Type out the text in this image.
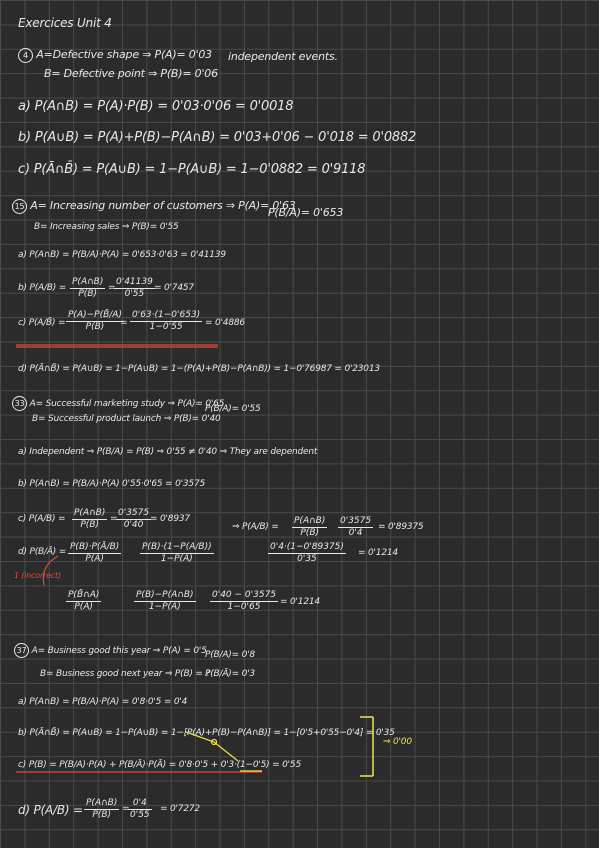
Exercices Unit 4
4 A=Defective shape ⇒ P(A)= 0'03 independent events.
B= Defective point ⇒ P(B)= 0'06
a) P(A∩B) = P(A)·P(B) = 0'03·0'06 = 0'0018
b) P(A∪B) = P(A)+P(B)−P(A∩B) = 0'03+0'06 − 0'018 = 0'0882
c) P(Ā∩B̄) = P(A∪B) = 1−P(A∪B) = 1−0'0882 = 0'9118
15 A= Increasing number of customers ⇒ P(A)= 0'63
P(B/A)= 0'653
B= Increasing sales ⇒ P(B)= 0'55
a) P(A∩B) = P(B/A)·P(A) = 0'653·0'63 = 0'41139
b) $P(A/B) = \frac{P(A\cap B)}{P(B)}$ =
$\frac{0'41139}{0'55} = 0'7457$
c) P(A/B̄) = $\frac{P(A)-P(B̄/A)}{P(B̄)}$
= $\frac{0'63\cdot(1-0'653)}{1-0'55} = 0'4886$
d) P(Ā∩B̄) = P(A∪B) = 1−P(A∪B) = 1−(P(A)+P(B)−P(A∩B)) = 1−0'76987 = 0'23013
33 A= Successful marketing study ⇒ P(A)= 0'65
P(B/A)= 0'55
B= Successful product launch ⇒ P(B)= 0'40
a) Independent ⇒ P(B/A) = P(B) ⇒ 0'55 ≠ 0'40 ⇒ They are dependent
b) P(A∩B) = P(B/A)·P(A) 0'55·0'65 = 0'3575
c) $P(A/B) = \frac{P(A\cap B)}{P(B)}$ =
$\frac{0'3575}{0'40}$
= 0'8937
⇒ $P(A/B) = \frac{P(A\cap B)}{P(B)} \frac{0'3575}{0'4} = 0'89375$
d) P(B/Ā) = $\frac{P(B)\cdot P(Ā/B)}{P(Ā)} \frac{P(B)\cdot(1-P(A/B))}{1-P(A)}$	$\frac{0'4\cdot(1-0'89375)}{0'35} = 0'1214$
1 (incorrect)
$\frac{P(B̄\cap A)}{P(Ā)}$	$\frac{P(B)-P(A\cap B)}{1-P(A)} \frac{0'40 - 0'3575}{1-0'65} = 0'1214$
37 A= Business good this year ⇒ P(A) = 0'5
P(B/A)= 0'8
B= Business good next year ⇒ P(B) = ?
P(B/Ā)= 0'3
a) P(A∩B) = P(B/A)·P(A) = 0'8·0'5 = 0'4
b) P(Ā∩B̄) = P(A∪B) = 1−P(A∪B) = 1−[P(A)+P(B)−P(A∩B)] = 1−[0'5+0'55−0'4] = 0'35
c) P(B) = P(B/A)·P(A) + P(B/Ā)·P(Ā) = 0'8·0'5 + 0'3·(1−0'5) = 0'55
⇒ 0'00
d) $P(A/B) = \frac{P(A\cap B)}{P(B)}$ =
$\frac{0'4}{0'55} = 0'7272$
